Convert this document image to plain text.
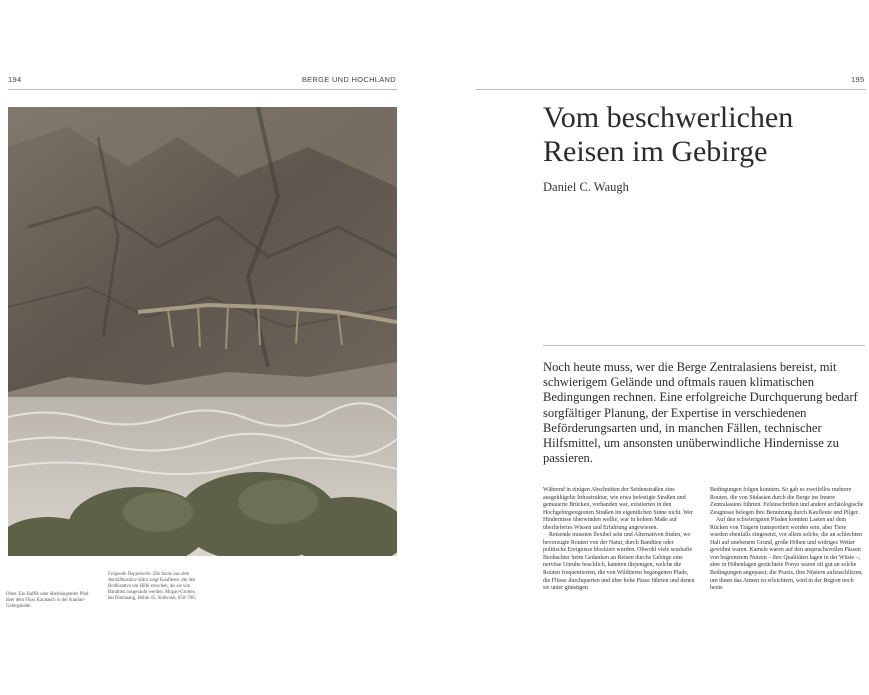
194	BERGE UND HOCHLAND
Oben: Ein Raffik oder überhängender Pfad über dem Fluss Karatasch in der Kunlun-Gebirgskette.
Folgende Doppelseite: Die Szene aus dem Amitābhasūtra-Sūtra zeigt Kaufleute, die den Bodhisattva um Hilfe ersuchen, als sie von Banditen ausgeraubt werden. Mogao-Grotten bei Dunhuang, Höhle 45, Südwand, 650–780.
195
Vom beschwerlichen
Reisen im Gebirge
Daniel C. Waugh

Noch heute muss, wer die Berge Zentralasiens bereist, mit schwierigem Gelände und oftmals rauen klimatischen Bedingungen rechnen. Eine erfolgreiche Durchquerung bedarf sorgfältiger Planung, der Expertise in verschiedenen Beförderungsarten und, in manchen Fällen, technischer Hilfsmittel, um ansonsten unüberwindliche Hindernisse zu passieren.

Während in einigen Abschnitten der Seidenstraßen eine ausgeklügelte Infrastruktur, wie etwa befestigte Straßen und gemauerte Brücken, vorhanden war, existierten in den Hochgebirgsregionen Straßen im eigentlichen Sinne nicht. Wer Hindernisse überwinden wollte, war in hohem Maße auf überliefertes Wissen und Erfahrung angewiesen.

Reisende mussten flexibel sein und Alternativen finden, wo bevorzugte Routen von der Natur, durch Banditen oder politische Ereignisse blockiert wurden. Obwohl viele sesshafte Beobachter beim Gedanken an Reisen durchs Gebirge eine nervöse Unruhe beschlich, kannten diejenigen, welche die Routen frequentierten, die von Wildtieren begangenen Pfade, die Flüsse durchquerten und über hohe Pässe führten und denen sie unter günstigen

Bedingungen folgen konnten. So gab es zweifellos mehrere Routen, die von Südasien durch die Berge ins Innere Zentralasiens führten. Felsinschriften und andere archäologische Zeugnisse belegen ihre Benutzung durch Kaufleute und Pilger.

Auf den schwierigsten Pfaden konnten Lasten auf dem Rücken von Trägern transportiert worden sein, aber Tiere wurden ebenfalls eingesetzt, vor allem solche, die an schlechten Halt auf unebenem Grund, große Höhen und widriges Wetter gewöhnt waren. Kamele waren auf den anspruchsvollen Pässen von begrenztem Nutzen – ihre Qualitäten lagen in der Wüste –, aber in Höhenlagen gezüchtete Ponys waren oft gut an solche Bedingungen angepasst; die Praxis, ihre Nüstern aufzuschlitzen, um ihnen das Atmen zu erleichtern, wird in der Region noch heute
